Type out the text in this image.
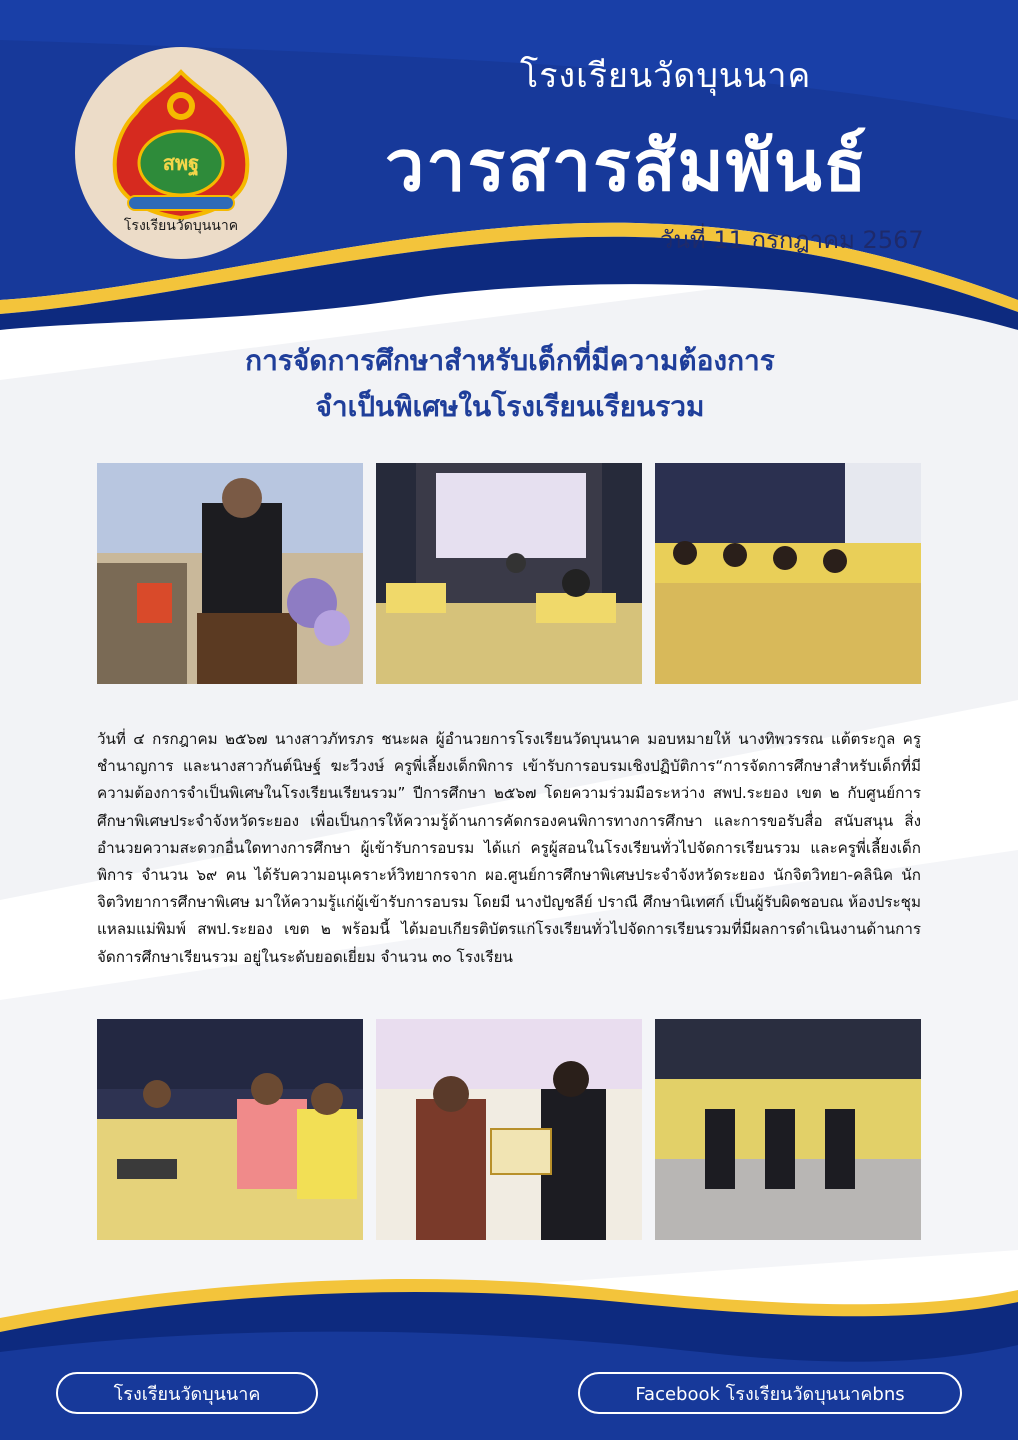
สพฐ
โรงเรียนวัดบุนนาค
โรงเรียนวัดบุนนาค
วารสารสัมพันธ์
วันที่ 11 กรกฎาคม 2567
การจัดการศึกษาสำหรับเด็กที่มีความต้องการ
จำเป็นพิเศษในโรงเรียนเรียนรวม
วันที่ ๔ กรกฎาคม ๒๕๖๗ นางสาวภัทรภร ชนะผล ผู้อำนวยการโรงเรียนวัดบุนนาค มอบหมายให้ นางทิพวรรณ แต้ตระกูล ครูชำนาญการ และนางสาวกันต์นิษฐ์ ฆะวีวงษ์ ครูพี่เลี้ยงเด็กพิการ เข้ารับการอบรมเชิงปฏิบัติการ“การจัดการศึกษาสำหรับเด็กที่มีความต้องการจำเป็นพิเศษในโรงเรียนเรียนรวม” ปีการศึกษา ๒๕๖๗ โดยความร่วมมือระหว่าง สพป.ระยอง เขต ๒ กับศูนย์การศึกษาพิเศษประจำจังหวัดระยอง เพื่อเป็นการให้ความรู้ด้านการคัดกรองคนพิการทางการศึกษา และการขอรับสื่อ สนับสนุน สิ่งอำนวยความสะดวกอื่นใดทางการศึกษา ผู้เข้ารับการอบรม ได้แก่ ครูผู้สอนในโรงเรียนทั่วไปจัดการเรียนรวม และครูพี่เลี้ยงเด็กพิการ จำนวน ๖๙ คน ได้รับความอนุเคราะห์วิทยากรจาก ผอ.ศูนย์การศึกษาพิเศษประจำจังหวัดระยอง นักจิตวิทยา-คลินิค นักจิตวิทยาการศึกษาพิเศษ มาให้ความรู้แก่ผู้เข้ารับการอบรม โดยมี นางปัญชลีย์ ปราณี ศึกษานิเทศก์ เป็นผู้รับผิดชอบณ ห้องประชุมแหลมแม่พิมพ์ สพป.ระยอง เขต ๒ พร้อมนี้ ได้มอบเกียรติบัตรแก่โรงเรียนทั่วไปจัดการเรียนรวมที่มีผลการดำเนินงานด้านการจัดการศึกษาเรียนรวม อยู่ในระดับยอดเยี่ยม จำนวน ๓๐ โรงเรียน
โรงเรียนวัดบุนนาค	Facebook โรงเรียนวัดบุนนาคbns
